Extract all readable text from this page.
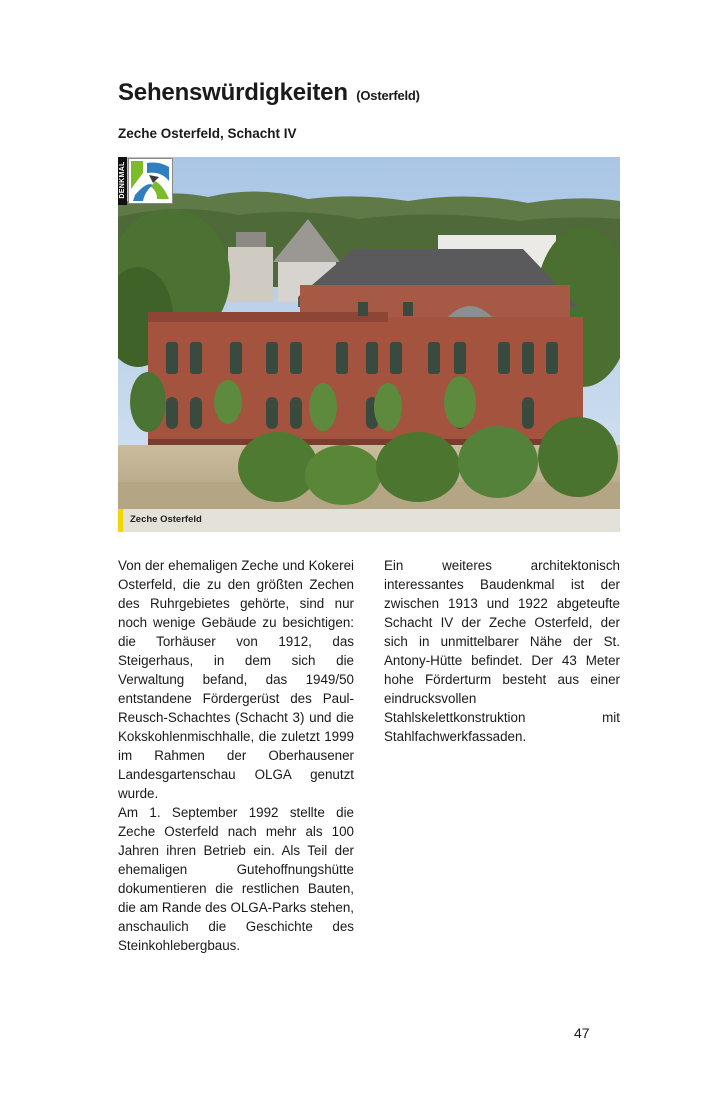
Sehenswürdigkeiten (Osterfeld)
Zeche Osterfeld, Schacht IV
DENKMAL
Zeche Osterfeld

Von der ehemaligen Zeche und Kokerei Osterfeld, die zu den größten Zechen des Ruhrgebietes gehörte, sind nur noch wenige Gebäude zu besichtigen: die Torhäuser von 1912, das Steigerhaus, in dem sich die Verwaltung befand, das 1949/50 entstandene Fördergerüst des Paul-Reusch-Schachtes (Schacht 3) und die Kokskohlenmischhalle, die zuletzt 1999 im Rahmen der Oberhausener Landesgartenschau OLGA genutzt wurde.

Am 1. September 1992 stellte die Zeche Osterfeld nach mehr als 100 Jahren ihren Betrieb ein. Als Teil der ehemaligen Gutehoffnungshütte dokumentieren die restlichen Bauten, die am Rande des OLGA-Parks stehen, anschaulich die Geschichte des Steinkohlebergbaus.

Ein weiteres architektonisch interessantes Baudenkmal ist der zwischen 1913 und 1922 abgeteufte Schacht IV der Zeche Osterfeld, der sich in unmittelbarer Nähe der St. Antony-Hütte befindet. Der 43 Meter hohe Förderturm besteht aus einer eindrucksvollen Stahlskelettkonstruktion mit Stahlfachwerkfassaden.

47
